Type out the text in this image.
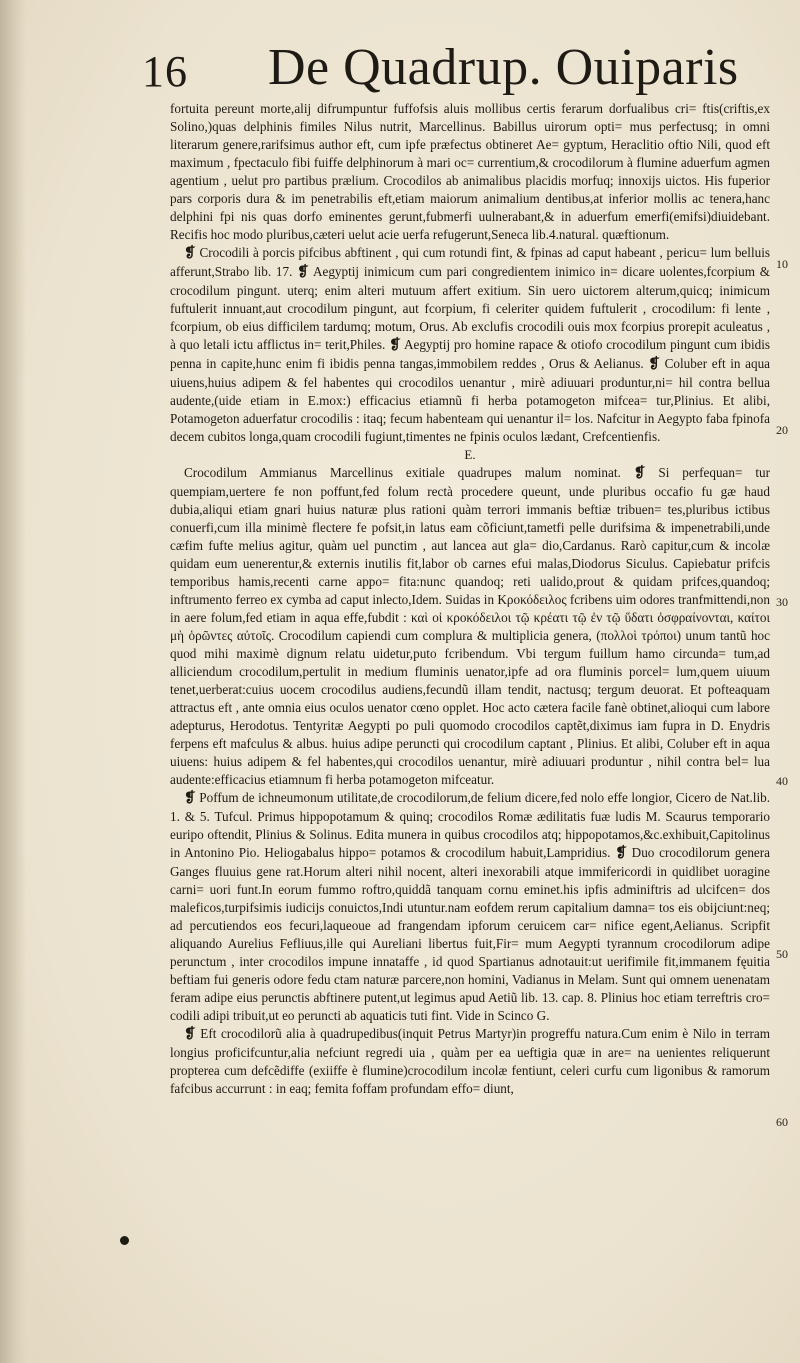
16 De Quadrup. Ouiparis

fortuita pereunt morte,alij difrumpuntur fuffofsis aluis mollibus certis ferarum dorfualibus cri= ftis(criftis,ex Solino,)quas delphinis fimiles Nilus nutrit, Marcellinus. Babillus uirorum opti= mus perfectusq; in omni literarum genere,rarifsimus author eft, cum ipfe præfectus obtineret Ae= gyptum, Heraclitio oftio Nili, quod eft maximum , fpectaculo fibi fuiffe delphinorum à mari oc= currentium,& crocodilorum à flumine aduerfum agmen agentium , uelut pro partibus prælium. Crocodilos ab animalibus placidis morfuq; innoxijs uictos. His fuperior pars corporis dura & im penetrabilis eft,etiam maiorum animalium dentibus,at inferior mollis ac tenera,hanc delphini fpi nis quas dorfo eminentes gerunt,fubmerfi uulnerabant,& in aduerfum emerfi(emifsi)diuidebant. Recifis hoc modo pluribus,cæteri uelut acie uerfa refugerunt,Seneca lib.4.natural. quæftionum.

❡ Crocodili à porcis pifcibus abftinent , qui cum rotundi fint, & fpinas ad caput habeant , pericu= lum belluis afferunt,Strabo lib. 17. ❡ Aegyptij inimicum cum pari congredientem inimico in= dicare uolentes,fcorpium & crocodilum pingunt. uterq; enim alteri mutuum affert exitium. Sin uero uictorem alterum,quicq; inimicum fuftulerit innuant,aut crocodilum pingunt, aut fcorpium, fi celeriter quidem fuftulerit , crocodilum: fi lente , fcorpium, ob eius difficilem tardumq; motum, Orus. Ab exclufis crocodili ouis mox fcorpius prorepit aculeatus , à quo letali ictu afflictus in= terit,Philes. ❡ Aegyptij pro homine rapace & otiofo crocodilum pingunt cum ibidis penna in capite,hunc enim fi ibidis penna tangas,immobilem reddes , Orus & Aelianus. ❡ Coluber eft in aqua uiuens,huius adipem & fel habentes qui crocodilos uenantur , mirè adiuuari produntur,ni= hil contra bellua audente,(uide etiam in E.mox:) efficacius etiamnũ fi herba potamogeton mifcea= tur,Plinius. Et alibi, Potamogeton aduerfatur crocodilis : itaq; fecum habenteam qui uenantur il= los. Nafcitur in Aegypto faba fpinofa decem cubitos longa,quam crocodili fugiunt,timentes ne fpinis oculos lædant, Crefcentienfis.

E.

Crocodilum Ammianus Marcellinus exitiale quadrupes malum nominat. ❡ Si perfequan= tur quempiam,uertere fe non poffunt,fed folum rectà procedere queunt, unde pluribus occafio fu gæ haud dubia,aliqui etiam gnari huius naturæ plus rationi quàm terrori immanis beftiæ tribuen= tes,pluribus ictibus conuerfi,cum illa minimè flectere fe pofsit,in latus eam cõficiunt,tametfi pelle durifsima & impenetrabili,unde cæfim fufte melius agitur, quàm uel punctim , aut lancea aut gla= dio,Cardanus. Rarò capitur,cum & incolæ quidam eum uenerentur,& externis inutilis fit,labor ob carnes efui malas,Diodorus Siculus. Capiebatur prifcis temporibus hamis,recenti carne appo= fita:nunc quandoq; reti ualido,prout & quidam prifces,quandoq; inftrumento ferreo ex cymba ad caput inlecto,Idem. Suidas in Κροκόδειλος fcribens uim odores tranfmittendi,non in aere folum,fed etiam in aqua effe,fubdit : καὶ οἱ κροκόδειλοι τῷ κρέατι τῷ ἐν τῷ ὕδατι ὀσφραίνονται, καίτοι μὴ ὁρῶντες αὐτοῖς. Crocodilum capiendi cum complura & multiplicia genera, (πολλοὶ τρόποι) unum tantũ hoc quod mihi maximè dignum relatu uidetur,puto fcribendum. Vbi tergum fuillum hamo circunda= tum,ad alliciendum crocodilum,pertulit in medium fluminis uenator,ipfe ad ora fluminis porcel= lum,quem uiuum tenet,uerberat:cuius uocem crocodilus audiens,fecundũ illam tendit, nactusq; tergum deuorat. Et pofteaquam attractus eft , ante omnia eius oculos uenator cœno opplet. Hoc acto cætera facile fanè obtinet,alioqui cum labore adepturus, Herodotus. Tentyritæ Aegypti po puli quomodo crocodilos captẽt,diximus iam fupra in D. Enydris ferpens eft mafculus & albus. huius adipe peruncti qui crocodilum captant , Plinius. Et alibi, Coluber eft in aqua uiuens: huius adipem & fel habentes,qui crocodilos uenantur, mirè adiuuari produntur , nihil contra bel= lua audente:efficacius etiamnum fi herba potamogeton mifceatur.

❡ Poffum de ichneumonum utilitate,de crocodilorum,de felium dicere,fed nolo effe longior, Cicero de Nat.lib. 1. & 5. Tufcul. Primus hippopotamum & quinq; crocodilos Romæ ædilitatis fuæ ludis M. Scaurus temporario euripo oftendit, Plinius & Solinus. Edita munera in quibus crocodilos atq; hippopotamos,&c.exhibuit,Capitolinus in Antonino Pio. Heliogabalus hippo= potamos & crocodilum habuit,Lampridius. ❡ Duo crocodilorum genera Ganges fluuius gene rat.Horum alteri nihil nocent, alteri inexorabili atque immifericordi in quidlibet uoragine carni= uori funt.In eorum fummo roftro,quiddã tanquam cornu eminet.his ipfis adminiftris ad ulcifcen= dos maleficos,turpifsimis iudicijs conuictos,Indi utuntur.nam eofdem rerum capitalium damna= tos eis obijciunt:neq; ad percutiendos eos fecuri,laqueoue ad frangendam ipforum ceruicem car= nifice egent,Aelianus. Scripfit aliquando Aurelius Fefliuus,ille qui Aureliani libertus fuit,Fir= mum Aegypti tyrannum crocodilorum adipe perunctum , inter crocodilos impune innataffe , id quod Spartianus adnotauit:ut uerifimile fit,immanem fęuitia beftiam fui generis odore fedu ctam naturæ parcere,non homini, Vadianus in Melam. Sunt qui omnem uenenatam feram adipe eius perunctis abftinere putent,ut legimus apud Aetiũ lib. 13. cap. 8. Plinius hoc etiam terreftris cro= codili adipi tribuit,ut eo peruncti ab aquaticis tuti fint. Vide in Scinco G.

❡ Eft crocodilorũ alia à quadrupedibus(inquit Petrus Martyr)in progreffu natura.Cum enim è Nilo in terram longius proficifcuntur,alia nefciunt regredi uia , quàm per ea ueftigia quæ in are= na uenientes reliquerunt propterea cum defcẽdiffe (exiiffe è flumine)crocodilum incolæ fentiunt, celeri curfu cum ligonibus & ramorum fafcibus accurrunt : in eaq; femita foffam profundam effo= diunt,

10
20
30
40
50
60
